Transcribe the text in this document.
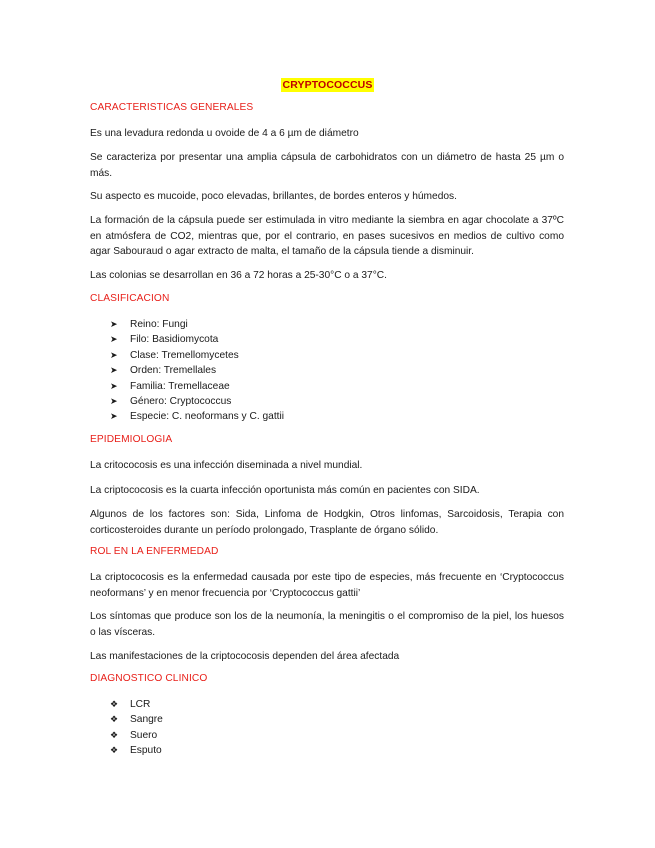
CRYPTOCOCCUS
CARACTERISTICAS GENERALES
Es una levadura redonda u ovoide de 4 a 6 µm de diámetro
Se caracteriza por presentar una amplia cápsula de carbohidratos con un diámetro de hasta 25 µm o más.
Su aspecto es mucoide, poco elevadas, brillantes, de bordes enteros y húmedos.
La formación de la cápsula puede ser estimulada in vitro mediante la siembra en agar chocolate a 37ºC en atmósfera de CO2, mientras que, por el contrario, en pases sucesivos en medios de cultivo como agar Sabouraud o agar extracto de malta, el tamaño de la cápsula tiende a disminuir.
Las colonias se desarrollan en 36 a 72 horas a 25-30°C o a 37°C.
CLASIFICACION
➤ Reino: Fungi
➤ Filo: Basidiomycota
➤ Clase: Tremellomycetes
➤ Orden: Tremellales
➤ Familia: Tremellaceae
➤ Género: Cryptococcus
➤ Especie: C. neoformans y C. gattii
EPIDEMIOLOGIA
La critococosis es una infección diseminada a nivel mundial.
La criptococosis es la cuarta infección oportunista más común en pacientes con SIDA.
Algunos de los factores son: Sida, Linfoma de Hodgkin, Otros linfomas, Sarcoidosis, Terapia con corticosteroides durante un período prolongado, Trasplante de órgano sólido.
ROL EN LA ENFERMEDAD
La criptococosis es la enfermedad causada por este tipo de especies, más frecuente en ‘Cryptococcus neoformans’ y en menor frecuencia por ‘Cryptococcus gattii’
Los síntomas que produce son los de la neumonía, la meningitis o el compromiso de la piel, los huesos o las vísceras.
Las manifestaciones de la criptococosis dependen del área afectada
DIAGNOSTICO CLINICO
❖ LCR
❖ Sangre
❖ Suero
❖ Esputo
